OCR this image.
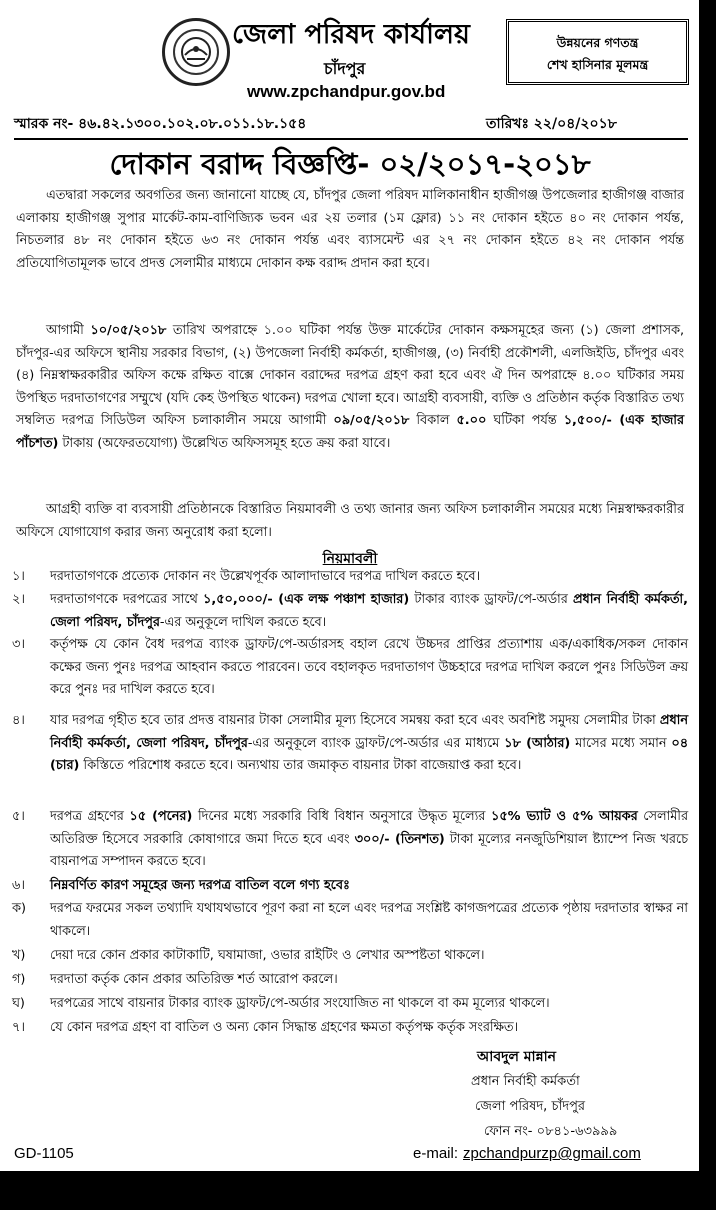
জেলা পরিষদ কার্যালয়
চাঁদপুর
www.zpchandpur.gov.bd
উন্নয়নের গণতন্ত্র
শেখ হাসিনার মূলমন্ত্র
স্মারক নং- ৪৬.৪২.১৩০০.১০২.০৮.০১১.১৮.১৫৪	তারিখঃ ২২/০৪/২০১৮
দোকান বরাদ্দ বিজ্ঞপ্তি- ০২/২০১৭-২০১৮
এতদ্বারা সকলের অবগতির জন্য জানানো যাচ্ছে যে, চাঁদপুর জেলা পরিষদ মালিকানাধীন হাজীগঞ্জ উপজেলার হাজীগঞ্জ বাজার এলাকায় হাজীগঞ্জ সুপার মার্কেট-কাম-বাণিজ্যিক ভবন এর ২য় তলার (১ম ফ্লোর) ১১ নং দোকান হইতে ৪০ নং দোকান পর্যন্ত, নিচতলার ৪৮ নং দোকান হইতে ৬৩ নং দোকান পর্যন্ত এবং ব্যাসমেন্ট এর ২৭ নং দোকান হইতে ৪২ নং দোকান পর্যন্ত প্রতিযোগিতামূলক ভাবে প্রদত্ত সেলামীর মাধ্যমে দোকান কক্ষ বরাদ্দ প্রদান করা হবে।
আগামী ১০/০৫/২০১৮ তারিখ অপরাহ্নে ১.০০ ঘটিকা পর্যন্ত উক্ত মার্কেটের দোকান কক্ষসমূহের জন্য (১) জেলা প্রশাসক, চাঁদপুর-এর অফিসে স্থানীয় সরকার বিভাগ, (২) উপজেলা নির্বাহী কর্মকর্তা, হাজীগঞ্জ, (৩) নির্বাহী প্রকৌশলী, এলজিইডি, চাঁদপুর এবং (৪) নিম্নস্বাক্ষরকারীর অফিস কক্ষে রক্ষিত বাক্সে দোকান বরাদ্দের দরপত্র গ্রহণ করা হবে এবং ঐ দিন অপরাহ্নে ৪.০০ ঘটিকার সময় উপস্থিত দরদাতাগণের সম্মুখে (যদি কেহ উপস্থিত থাকেন) দরপত্র খোলা হবে। আগ্রহী ব্যবসায়ী, ব্যক্তি ও প্রতিষ্ঠান কর্তৃক বিস্তারিত তথ্য সম্বলিত দরপত্র সিডিউল অফিস চলাকালীন সময়ে আগামী ০৯/০৫/২০১৮ বিকাল ৫.০০ ঘটিকা পর্যন্ত ১,৫০০/- (এক হাজার পাঁচশত) টাকায় (অফেরতযোগ্য) উল্লেখিত অফিসসমূহ হতে ক্রয় করা যাবে।
আগ্রহী ব্যক্তি বা ব্যবসায়ী প্রতিষ্ঠানকে বিস্তারিত নিয়মাবলী ও তথ্য জানার জন্য অফিস চলাকালীন সময়ের মধ্যে নিম্নস্বাক্ষরকারীর অফিসে যোগাযোগ করার জন্য অনুরোধ করা হলো।
নিয়মাবলী
১।	দরদাতাগণকে প্রত্যেক দোকান নং উল্লেখপূর্বক আলাদাভাবে দরপত্র দাখিল করতে হবে।
২।	দরদাতাগণকে দরপত্রের সাথে ১,৫০,০০০/- (এক লক্ষ পঞ্চাশ হাজার) টাকার ব্যাংক ড্রাফট/পে-অর্ডার প্রধান নির্বাহী কর্মকর্তা, জেলা পরিষদ, চাঁদপুর-এর অনুকূলে দাখিল করতে হবে।
৩।	কর্তৃপক্ষ যে কোন বৈধ দরপত্র ব্যাংক ড্রাফট/পে-অর্ডারসহ বহাল রেখে উচ্চদর প্রাপ্তির প্রত্যাশায় এক/একাধিক/সকল দোকান কক্ষের জন্য পুনঃ দরপত্র আহবান করতে পারবেন। তবে বহালকৃত দরদাতাগণ উচ্চহারে দরপত্র দাখিল করলে পুনঃ সিডিউল ক্রয় করে পুনঃ দর দাখিল করতে হবে।
৪।	যার দরপত্র গৃহীত হবে তার প্রদত্ত বায়নার টাকা সেলামীর মূল্য হিসেবে সমন্বয় করা হবে এবং অবশিষ্ট সমুদয় সেলামীর টাকা প্রধান নির্বাহী কর্মকর্তা, জেলা পরিষদ, চাঁদপুর-এর অনুকূলে ব্যাংক ড্রাফট/পে-অর্ডার এর মাধ্যমে ১৮ (আঠার) মাসের মধ্যে সমান ০৪ (চার) কিস্তিতে পরিশোধ করতে হবে। অন্যথায় তার জমাকৃত বায়নার টাকা বাজেয়াপ্ত করা হবে।
৫।	দরপত্র গ্রহণের ১৫ (পনের) দিনের মধ্যে সরকারি বিধি বিধান অনুসারে উদ্ধৃত মূল্যের ১৫% ভ্যাট ও ৫% আয়কর সেলামীর অতিরিক্ত হিসেবে সরকারি কোষাগারে জমা দিতে হবে এবং ৩০০/- (তিনশত) টাকা মূল্যের ননজুডিশিয়াল ষ্ট্যাম্পে নিজ খরচে বায়নাপত্র সম্পাদন করতে হবে।
৬।	নিম্নবর্ণিত কারণ সমূহের জন্য দরপত্র বাতিল বলে গণ্য হবেঃ
ক)	দরপত্র ফরমের সকল তথ্যাদি যথাযথভাবে পূরণ করা না হলে এবং দরপত্র সংশ্লিষ্ট কাগজপত্রের প্রত্যেক পৃষ্ঠায় দরদাতার স্বাক্ষর না থাকলে।
খ)	দেয়া দরে কোন প্রকার কাটাকাটি, ঘষামাজা, ওভার রাইটিং ও লেখার অস্পষ্টতা থাকলে।
গ)	দরদাতা কর্তৃক কোন প্রকার অতিরিক্ত শর্ত আরোপ করলে।
ঘ)	দরপত্রের সাথে বায়নার টাকার ব্যাংক ড্রাফট/পে-অর্ডার সংযোজিত না থাকলে বা কম মূল্যের থাকলে।
৭।	যে কোন দরপত্র গ্রহণ বা বাতিল ও অন্য কোন সিদ্ধান্ত গ্রহণের ক্ষমতা কর্তৃপক্ষ কর্তৃক সংরক্ষিত।
আবদুল মান্নান
প্রধান নির্বাহী কর্মকর্তা
জেলা পরিষদ, চাঁদপুর
ফোন নং- ০৮৪১-৬৩৯৯৯
GD-1105	e-mail: zpchandpurzp@gmail.com
